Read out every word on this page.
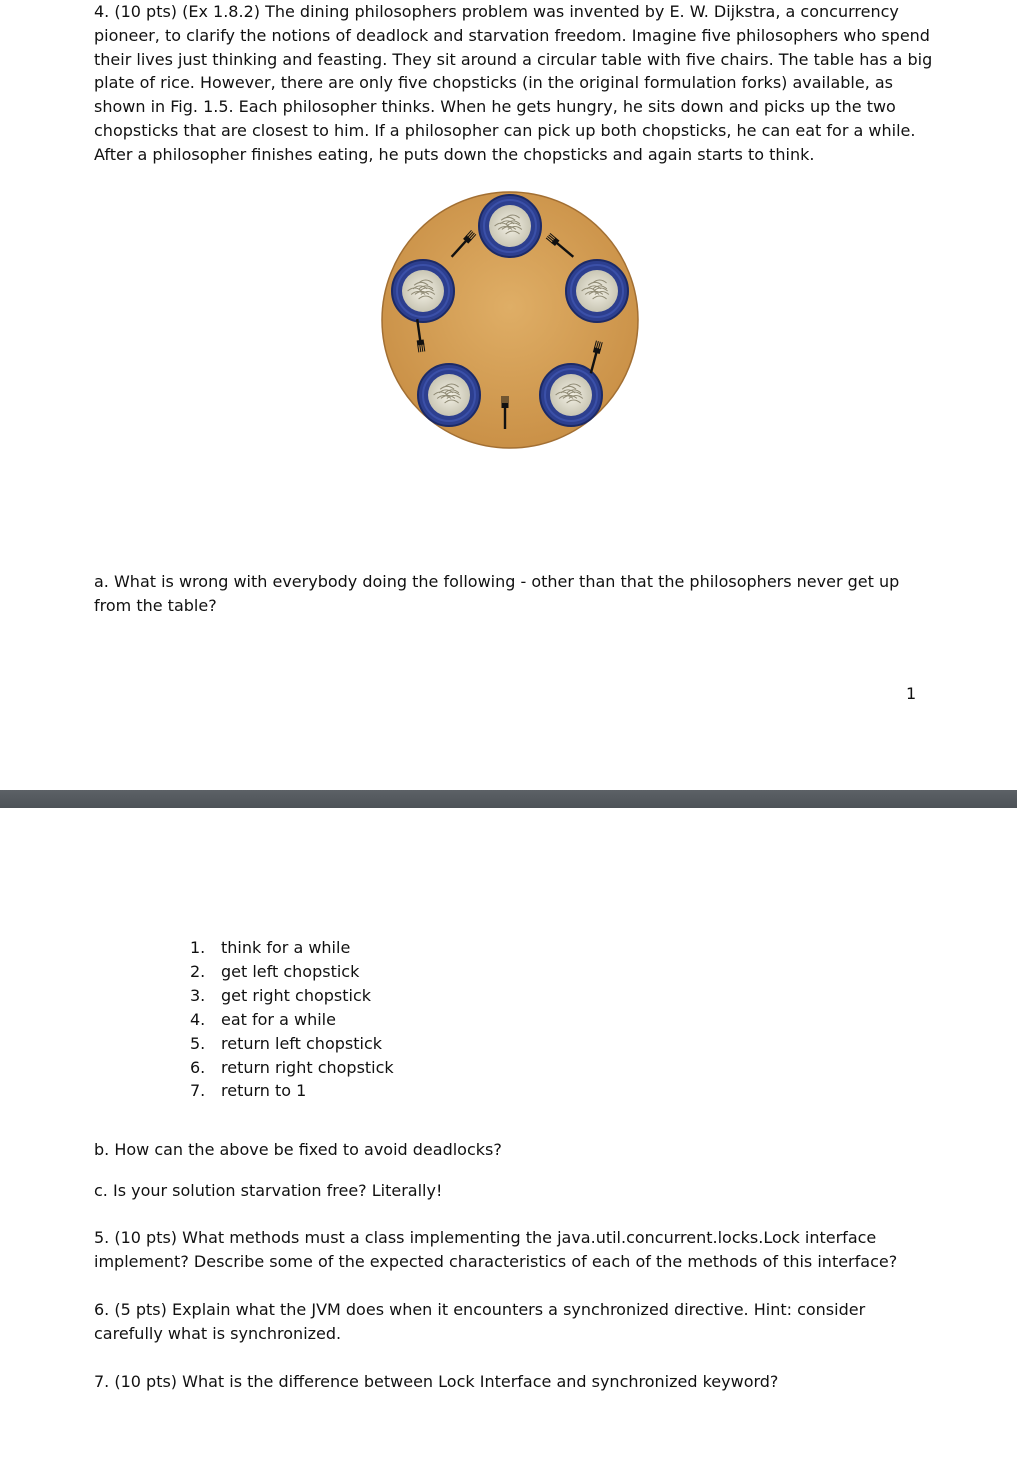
4. (10 pts) (Ex 1.8.2) The dining philosophers problem was invented by E. W. Dijkstra, a concurrency pioneer, to clarify the notions of deadlock and starvation freedom. Imagine five philosophers who spend their lives just thinking and feasting. They sit around a circular table with five chairs. The table has a big plate of rice. However, there are only five chopsticks (in the original formulation forks) available, as shown in Fig. 1.5. Each philosopher thinks. When he gets hungry, he sits down and picks up the two chopsticks that are closest to him. If a philosopher can pick up both chopsticks, he can eat for a while. After a philosopher finishes eating, he puts down the chopsticks and again starts to think.

a. What is wrong with everybody doing the following - other than that the philosophers never get up from the table?

1
1. think for a while
2. get left chopstick
3. get right chopstick
4. eat for a while
5. return left chopstick
6. return right chopstick
7. return to 1

b. How can the above be fixed to avoid deadlocks?

c. Is your solution starvation free? Literally!

5. (10 pts) What methods must a class implementing the java.util.concurrent.locks.Lock interface implement? Describe some of the expected characteristics of each of the methods of this interface?

6. (5 pts) Explain what the JVM does when it encounters a synchronized directive. Hint: consider carefully what is synchronized.

7. (10 pts) What is the difference between Lock Interface and synchronized keyword?
